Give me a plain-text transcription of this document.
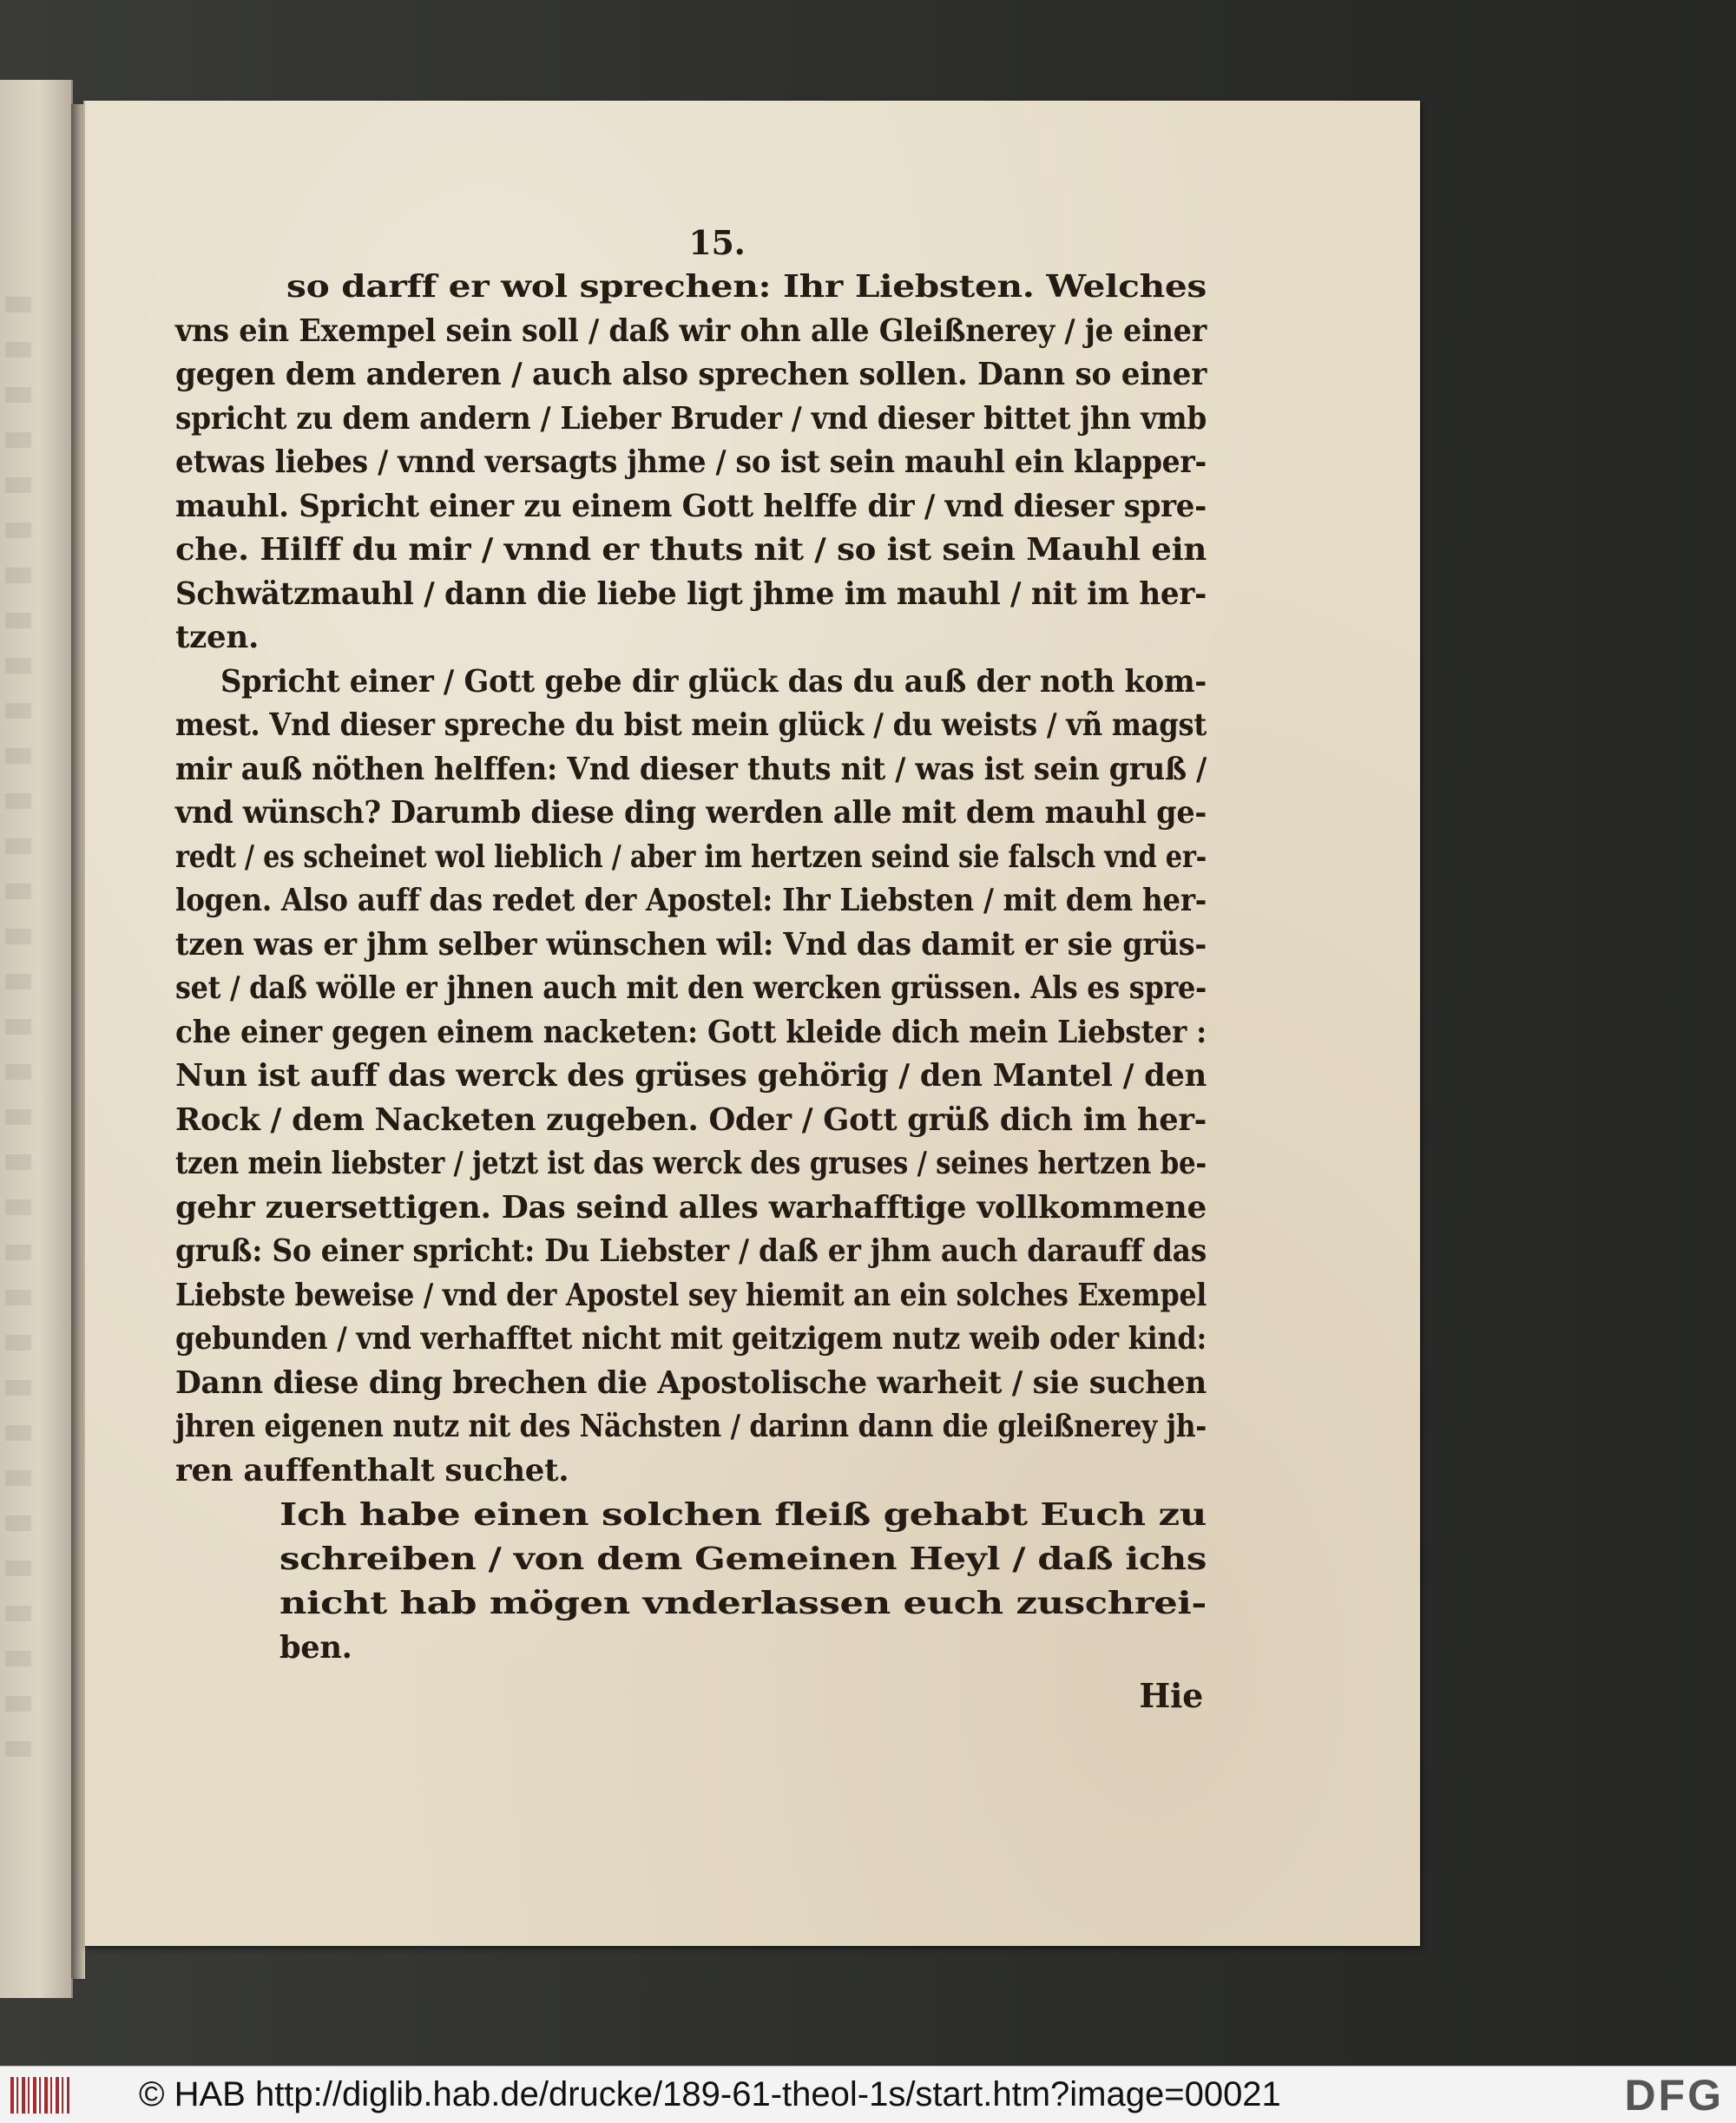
15.
so darff er wol sprechen: Ihr Liebsten. Welches
vns ein Exempel sein soll / daß wir ohn alle Gleißnerey / je einer
gegen dem anderen / auch also sprechen sollen. Dann so einer
spricht zu dem andern / Lieber Bruder / vnd dieser bittet jhn vmb
etwas liebes / vnnd versagts jhme / so ist sein mauhl ein klapper-
mauhl. Spricht einer zu einem Gott helffe dir / vnd dieser spre-
che. Hilff du mir / vnnd er thuts nit / so ist sein Mauhl ein
Schwätzmauhl / dann die liebe ligt jhme im mauhl / nit im her-
tzen.
Spricht einer / Gott gebe dir glück das du auß der noth kom-
mest. Vnd dieser spreche du bist mein glück / du weists / vñ magst
mir auß nöthen helffen: Vnd dieser thuts nit / was ist sein gruß /
vnd wünsch? Darumb diese ding werden alle mit dem mauhl ge-
redt / es scheinet wol lieblich / aber im hertzen seind sie falsch vnd er-
logen. Also auff das redet der Apostel: Ihr Liebsten / mit dem her-
tzen was er jhm selber wünschen wil: Vnd das damit er sie grüs-
set / daß wölle er jhnen auch mit den wercken grüssen. Als es spre-
che einer gegen einem nacketen: Gott kleide dich mein Liebster :
Nun ist auff das werck des grüses gehörig / den Mantel / den
Rock / dem Nacketen zugeben. Oder / Gott grüß dich im her-
tzen mein liebster / jetzt ist das werck des gruses / seines hertzen be-
gehr zuersettigen. Das seind alles warhafftige vollkommene
gruß: So einer spricht: Du Liebster / daß er jhm auch darauff das
Liebste beweise / vnd der Apostel sey hiemit an ein solches Exempel
gebunden / vnd verhafftet nicht mit geitzigem nutz weib oder kind:
Dann diese ding brechen die Apostolische warheit / sie suchen
jhren eigenen nutz nit des Nächsten / darinn dann die gleißnerey jh-
ren auffenthalt suchet.
Ich habe einen solchen fleiß gehabt Euch zu
schreiben / von dem Gemeinen Heyl / daß ichs
nicht hab mögen vnderlassen euch zuschrei-
ben.
Hie
© HAB http://diglib.hab.de/drucke/189-61-theol-1s/start.htm?image=00021	DFG
